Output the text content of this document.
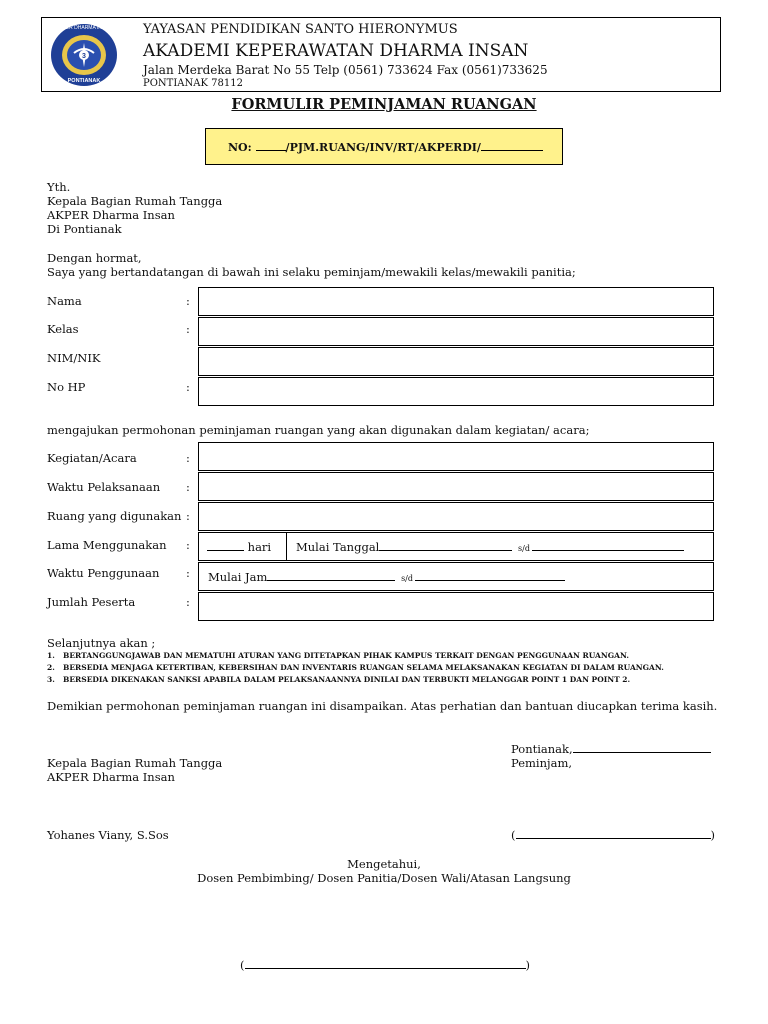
3
AKPER DHARMA INSAN
PONTIANAK
YAYASAN PENDIDIKAN SANTO HIERONYMUS
AKADEMI KEPERAWATAN DHARMA INSAN
Jalan Merdeka Barat No 55 Telp (0561) 733624 Fax (0561)733625
PONTIANAK 78112
FORMULIR PEMINJAMAN RUANGAN
NO:	/PJM.RUANG/INV/RT/AKPERDI/
Yth.
Kepala Bagian Rumah Tangga
AKPER Dharma Insan
Di Pontianak
Dengan hormat,
Saya yang bertandatangan di bawah ini selaku peminjam/mewakili kelas/mewakili panitia;
Nama	:
Kelas	:
NIM/NIK
No HP	:
mengajukan permohonan peminjaman ruangan yang akan digunakan dalam kegiatan/ acara;
Kegiatan/Acara	:
Waktu Pelaksanaan :
Ruang yang digunakan :
Lama Menggunakan :	hari Mulai Tanggal	s/d
Waktu Penggunaan : Mulai Jam	s/d
Jumlah Peserta	:
Selanjutnya akan ;
1. BERTANGGUNGJAWAB DAN MEMATUHI ATURAN YANG DITETAPKAN PIHAK KAMPUS TERKAIT DENGAN PENGGUNAAN RUANGAN.
2. BERSEDIA MENJAGA KETERTIBAN, KEBERSIHAN DAN INVENTARIS RUANGAN SELAMA MELAKSANAKAN KEGIATAN DI DALAM RUANGAN.
3. BERSEDIA DIKENAKAN SANKSI APABILA DALAM PELAKSANAANNYA DINILAI DAN TERBUKTI MELANGGAR POINT 1 DAN POINT 2.
Demikian permohonan peminjaman ruangan ini disampaikan. Atas perhatian dan bantuan diucapkan terima kasih.
Pontianak,
Kepala Bagian Rumah Tangga	Peminjam,
AKPER Dharma Insan
Yohanes Viany, S.Sos	(	)
Mengetahui,
Dosen Pembimbing/ Dosen Panitia/Dosen Wali/Atasan Langsung
(	)
